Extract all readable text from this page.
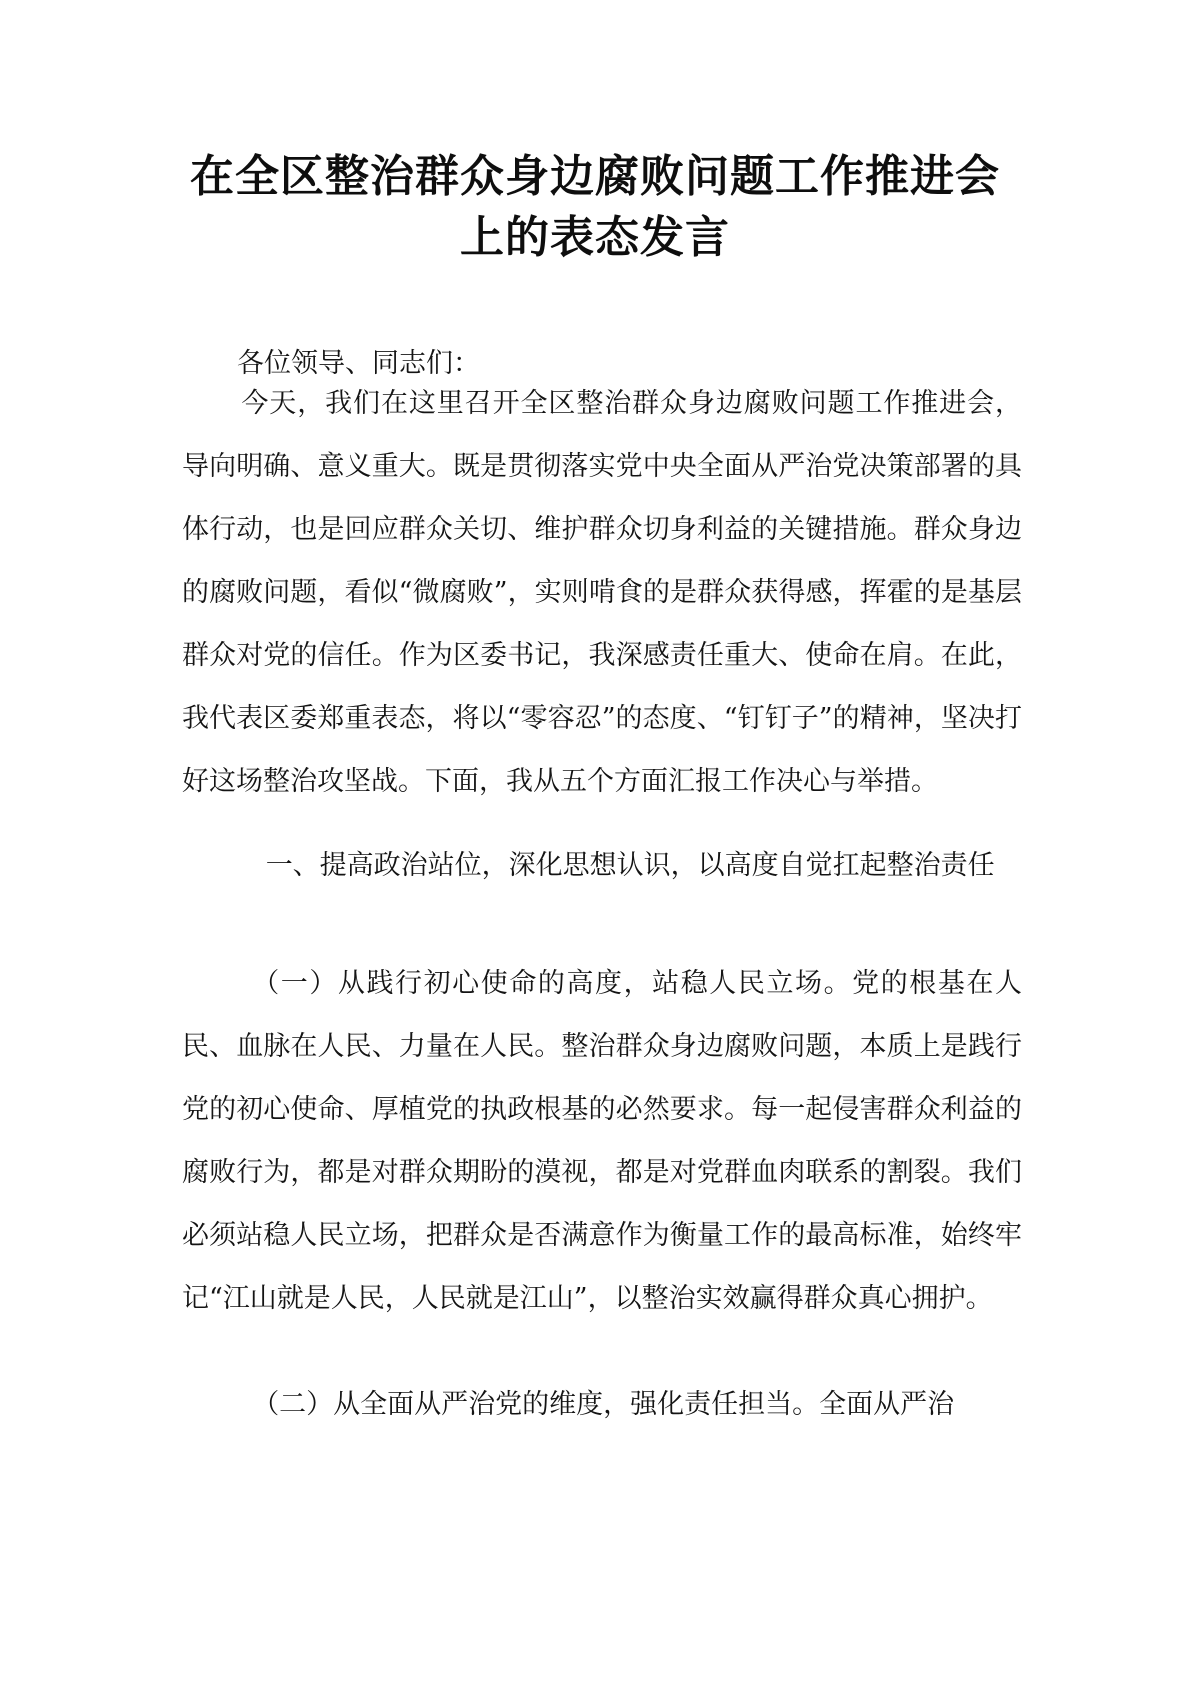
在全区整治群众身边腐败问题工作推进会
上的表态发言
各位领导、同志们：

今天，我们在这里召开全区整治群众身边腐败问题工作推进会，导向明确、意义重大。既是贯彻落实党中央全面从严治党决策部署的具体行动，也是回应群众关切、维护群众切身利益的关键措施。群众身边的腐败问题，看似“微腐败”，实则啃食的是群众获得感，挥霍的是基层群众对党的信任。作为区委书记，我深感责任重大、使命在肩。在此，我代表区委郑重表态，将以“零容忍”的态度、“钉钉子”的精神，坚决打好这场整治攻坚战。下面，我从五个方面汇报工作决心与举措。

一、提高政治站位，深化思想认识，以高度自觉扛起整治责任

（一）从践行初心使命的高度，站稳人民立场。党的根基在人民、血脉在人民、力量在人民。整治群众身边腐败问题，本质上是践行党的初心使命、厚植党的执政根基的必然要求。每一起侵害群众利益的腐败行为，都是对群众期盼的漠视，都是对党群血肉联系的割裂。我们必须站稳人民立场，把群众是否满意作为衡量工作的最高标准，始终牢记“江山就是人民，人民就是江山”，以整治实效赢得群众真心拥护。

（二）从全面从严治党的维度，强化责任担当。全面从严治
